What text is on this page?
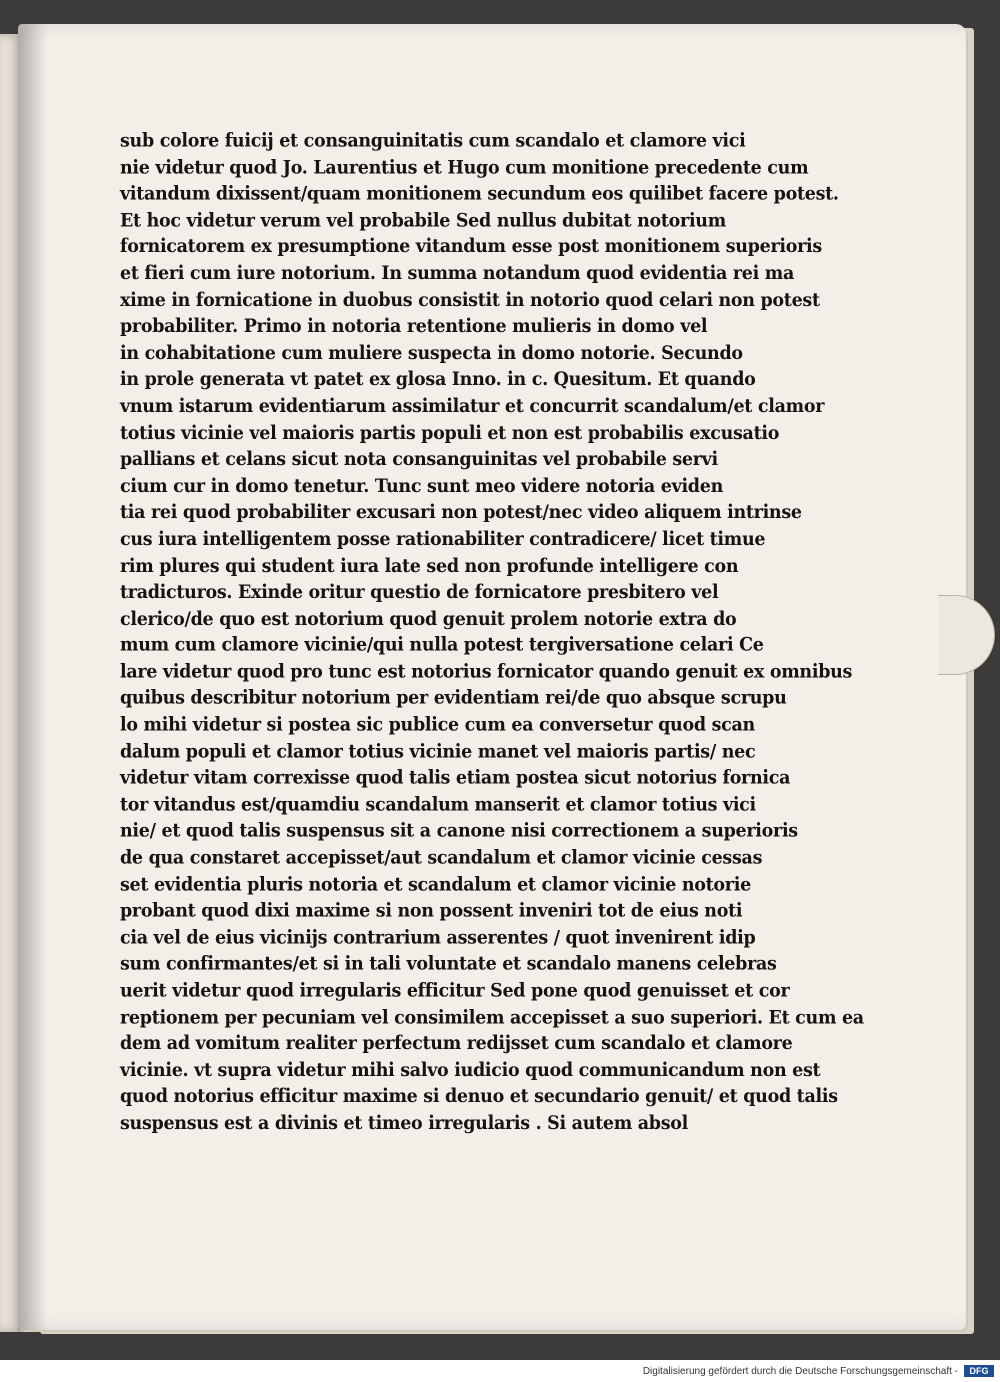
sub colore fuicij et consanguinitatis cum scandalo et clamore vici
nie videtur quod Jo. Laurentius et Hugo cum monitione precedente cum
vitandum dixissent/quam monitionem secundum eos quilibet facere potest.
Et hoc videtur verum vel probabile Sed nullus dubitat notorium
fornicatorem ex presumptione vitandum esse post monitionem superioris
et fieri cum iure notorium. In summa notandum quod evidentia rei ma
xime in fornicatione in duobus consistit in notorio quod celari non potest
probabiliter. Primo in notoria retentione mulieris in domo vel
in cohabitatione cum muliere suspecta in domo notorie. Secundo
in prole generata vt patet ex glosa Inno. in c. Quesitum. Et quando
vnum istarum evidentiarum assimilatur et concurrit scandalum/et clamor
totius vicinie vel maioris partis populi et non est probabilis excusatio
pallians et celans sicut nota consanguinitas vel probabile servi
cium cur in domo tenetur. Tunc sunt meo videre notoria eviden
tia rei quod probabiliter excusari non potest/nec video aliquem intrinse
cus iura intelligentem posse rationabiliter contradicere/ licet timue
rim plures qui student iura late sed non profunde intelligere con
tradicturos. Exinde oritur questio de fornicatore presbitero vel
clerico/de quo est notorium quod genuit prolem notorie extra do
mum cum clamore vicinie/qui nulla potest tergiversatione celari Ce
lare videtur quod pro tunc est notorius fornicator quando genuit ex omnibus
quibus describitur notorium per evidentiam rei/de quo absque scrupu
lo mihi videtur si postea sic publice cum ea conversetur quod scan
dalum populi et clamor totius vicinie manet vel maioris partis/ nec
videtur vitam correxisse quod talis etiam postea sicut notorius fornica
tor vitandus est/quamdiu scandalum manserit et clamor totius vici
nie/ et quod talis suspensus sit a canone nisi correctionem a superioris
de qua constaret accepisset/aut scandalum et clamor vicinie cessas
set evidentia pluris notoria et scandalum et clamor vicinie notorie
probant quod dixi maxime si non possent inveniri tot de eius noti
cia vel de eius vicinijs contrarium asserentes / quot invenirent idip
sum confirmantes/et si in tali voluntate et scandalo manens celebras
uerit videtur quod irregularis efficitur Sed pone quod genuisset et cor
reptionem per pecuniam vel consimilem accepisset a suo superiori. Et cum ea
dem ad vomitum realiter perfectum redijsset cum scandalo et clamore
vicinie. vt supra videtur mihi salvo iudicio quod communicandum non est
quod notorius efficitur maxime si denuo et secundario genuit/ et quod talis
suspensus est a divinis et timeo irregularis . Si autem absol
Digitalisierung gefördert durch die Deutsche Forschungsgemeinschaft -	DFG
